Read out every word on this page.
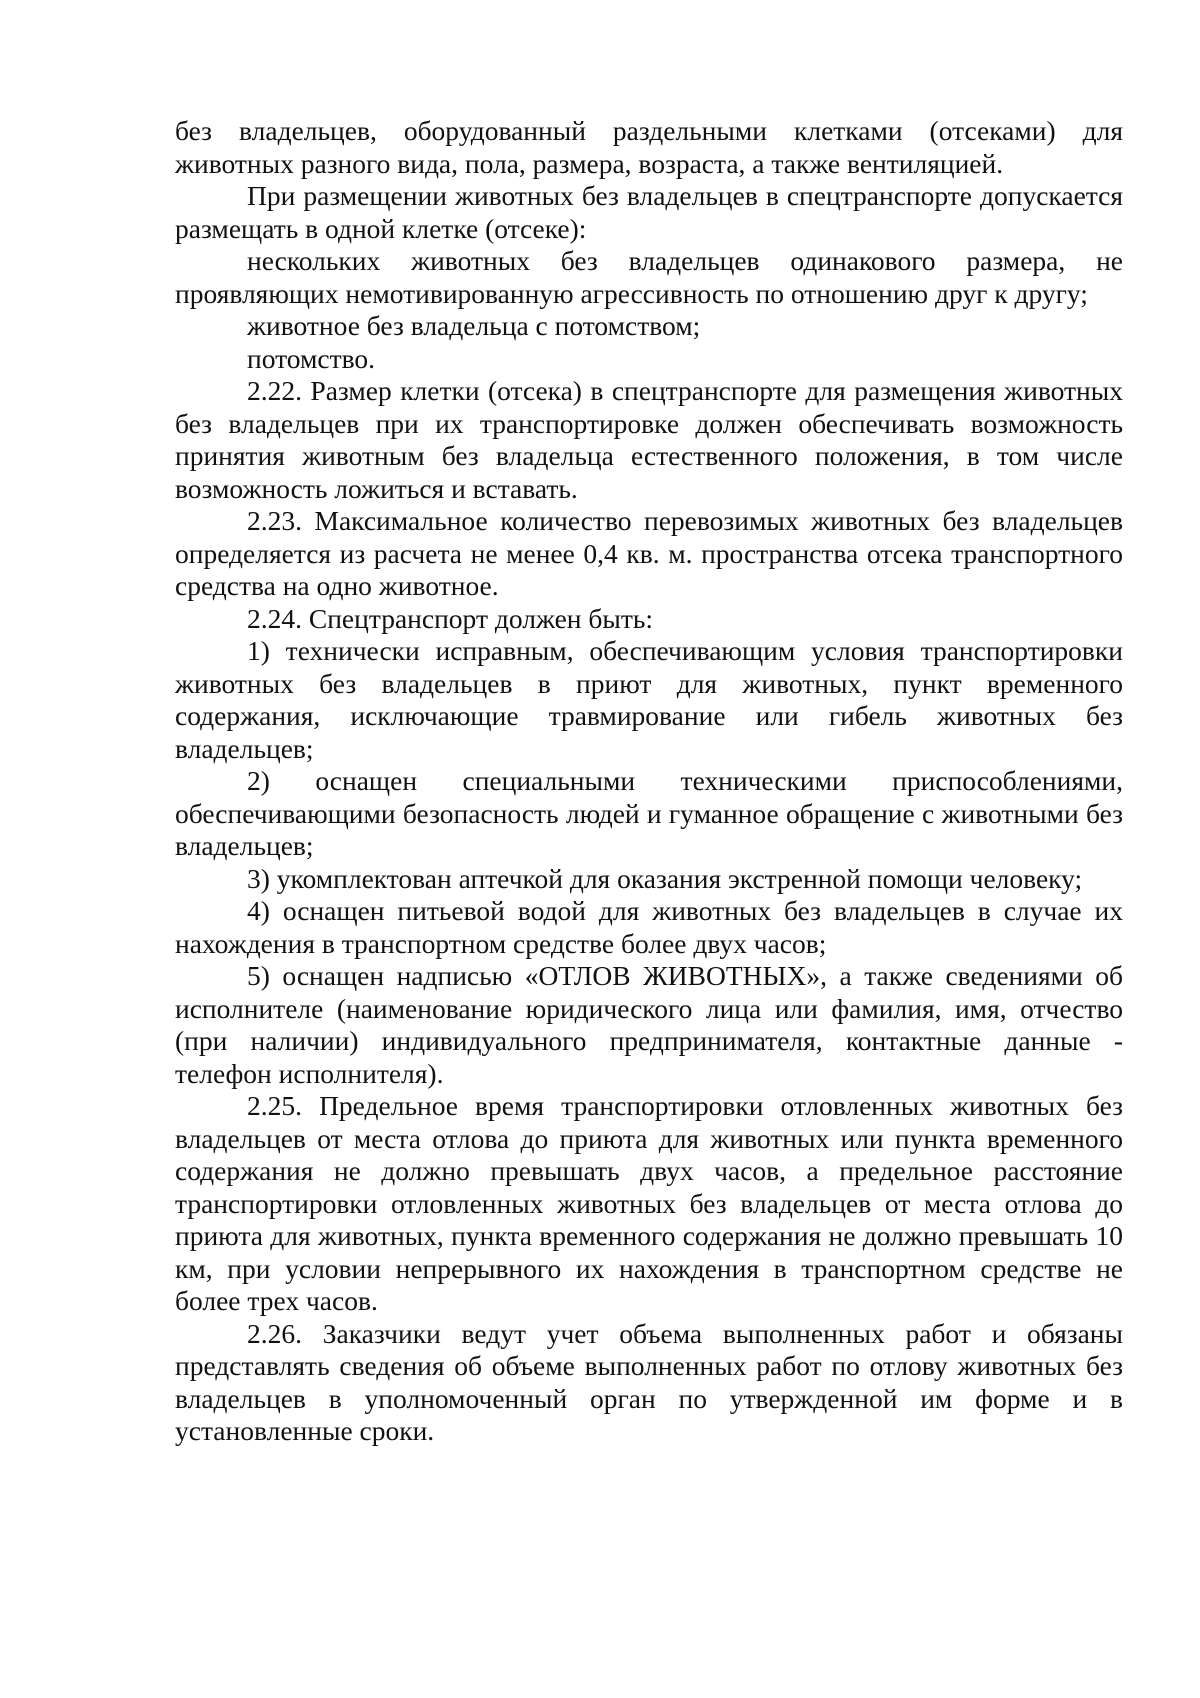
без владельцев, оборудованный раздельными клетками (отсеками) для животных разного вида, пола, размера, возраста, а также вентиляцией.

При размещении животных без владельцев в спецтранспорте допускается размещать в одной клетке (отсеке):

нескольких животных без владельцев одинакового размера, не проявляющих немотивированную агрессивность по отношению друг к другу;

животное без владельца с потомством;

потомство.

2.22. Размер клетки (отсека) в спецтранспорте для размещения животных без владельцев при их транспортировке должен обеспечивать возможность принятия животным без владельца естественного положения, в том числе возможность ложиться и вставать.

2.23. Максимальное количество перевозимых животных без владельцев определяется из расчета не менее 0,4 кв. м. пространства отсека транспортного средства на одно животное.

2.24. Спецтранспорт должен быть:

1) технически исправным, обеспечивающим условия транспортировки животных без владельцев в приют для животных, пункт временного содержания, исключающие травмирование или гибель животных без владельцев;

2) оснащен специальными техническими приспособлениями, обеспечивающими безопасность людей и гуманное обращение с животными без владельцев;

3) укомплектован аптечкой для оказания экстренной помощи человеку;

4) оснащен питьевой водой для животных без владельцев в случае их нахождения в транспортном средстве более двух часов;

5) оснащен надписью «ОТЛОВ ЖИВОТНЫХ», а также сведениями об исполнителе (наименование юридического лица или фамилия, имя, отчество (при наличии) индивидуального предпринимателя, контактные данные - телефон исполнителя).

2.25. Предельное время транспортировки отловленных животных без владельцев от места отлова до приюта для животных или пункта временного содержания не должно превышать двух часов, а предельное расстояние транспортировки отловленных животных без владельцев от места отлова до приюта для животных, пункта временного содержания не должно превышать 10 км, при условии непрерывного их нахождения в транспортном средстве не более трех часов.

2.26. Заказчики ведут учет объема выполненных работ и обязаны представлять сведения об объеме выполненных работ по отлову животных без владельцев в уполномоченный орган по утвержденной им форме и в установленные сроки.
